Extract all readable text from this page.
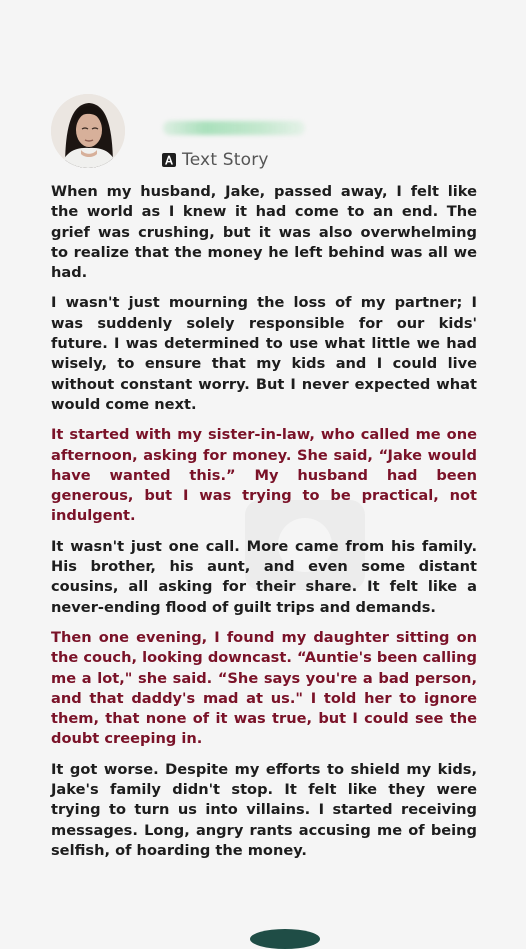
Text Story

When my husband, Jake, passed away, I felt like the world as I knew it had come to an end. The grief was crushing, but it was also overwhelming to realize that the money he left behind was all we had.

I wasn't just mourning the loss of my partner; I was suddenly solely responsible for our kids' future. I was determined to use what little we had wisely, to ensure that my kids and I could live without constant worry. But I never expected what would come next.

It started with my sister-in-law, who called me one afternoon, asking for money. She said, “Jake would have wanted this.” My husband had been generous, but I was trying to be practical, not indulgent.

It wasn't just one call. More came from his family. His brother, his aunt, and even some distant cousins, all asking for their share. It felt like a never-ending flood of guilt trips and demands.

Then one evening, I found my daughter sitting on the couch, looking downcast. “Auntie's been calling me a lot," she said. “She says you're a bad person, and that daddy's mad at us." I told her to ignore them, that none of it was true, but I could see the doubt creeping in.

It got worse. Despite my efforts to shield my kids, Jake's family didn't stop. It felt like they were trying to turn us into villains. I started receiving messages. Long, angry rants accusing me of being selfish, of hoarding the money.
